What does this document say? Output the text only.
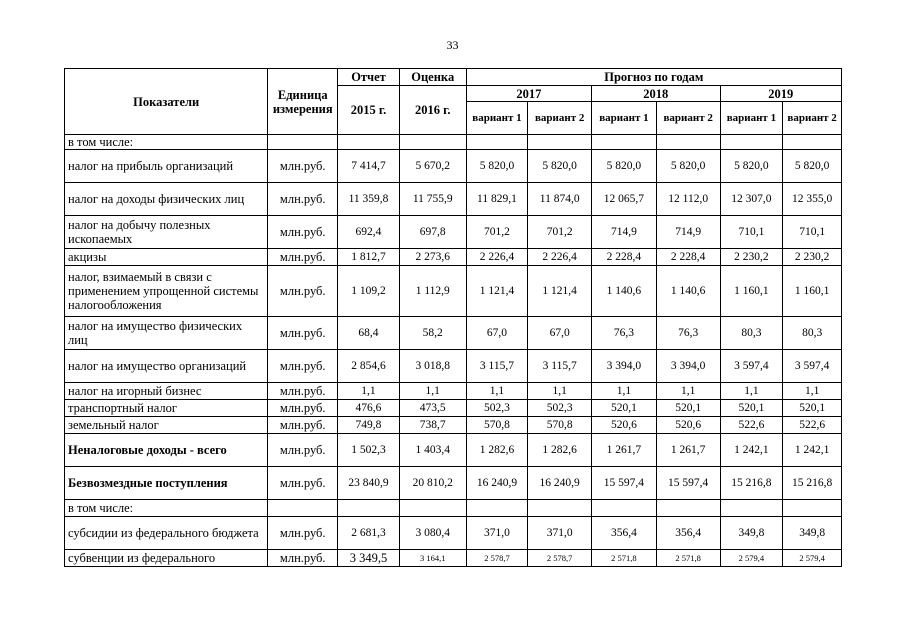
33
Показатели	Единица измерения	Отчет	Оценка	Прогноз по годам					
		2015 г.	2016 г.	2017		2018		2019	
				вариант 1	вариант 2	вариант 1	вариант 2	вариант 1	вариант 2
в том числе:									
налог на прибыль организаций	млн.руб.	7 414,7	5 670,2	5 820,0	5 820,0	5 820,0	5 820,0	5 820,0	5 820,0
налог на доходы физических лиц	млн.руб.	11 359,8	11 755,9	11 829,1	11 874,0	12 065,7	12 112,0	12 307,0	12 355,0
налог на добычу полезных ископаемых	млн.руб.	692,4	697,8	701,2	701,2	714,9	714,9	710,1	710,1
акцизы	млн.руб.	1 812,7	2 273,6	2 226,4	2 226,4	2 228,4	2 228,4	2 230,2	2 230,2
налог, взимаемый в связи с применением упрощенной системы налогообложения	млн.руб.	1 109,2	1 112,9	1 121,4	1 121,4	1 140,6	1 140,6	1 160,1	1 160,1
налог на имущество физических лиц	млн.руб.	68,4	58,2	67,0	67,0	76,3	76,3	80,3	80,3
налог на имущество организаций	млн.руб.	2 854,6	3 018,8	3 115,7	3 115,7	3 394,0	3 394,0	3 597,4	3 597,4
налог на игорный бизнес	млн.руб.	1,1	1,1	1,1	1,1	1,1	1,1	1,1	1,1
транспортный налог	млн.руб.	476,6	473,5	502,3	502,3	520,1	520,1	520,1	520,1
земельный налог	млн.руб.	749,8	738,7	570,8	570,8	520,6	520,6	522,6	522,6
Неналоговые доходы - всего	млн.руб.	1 502,3	1 403,4	1 282,6	1 282,6	1 261,7	1 261,7	1 242,1	1 242,1
Безвозмездные поступления	млн.руб.	23 840,9	20 810,2	16 240,9	16 240,9	15 597,4	15 597,4	15 216,8	15 216,8
в том числе:									
субсидии из федерального бюджета	млн.руб.	2 681,3	3 080,4	371,0	371,0	356,4	356,4	349,8	349,8
субвенции из федерального	млн.руб.	3 349,5	3 164,1	2 578,7	2 578,7	2 571,8	2 571,8	2 579,4	2 579,4
